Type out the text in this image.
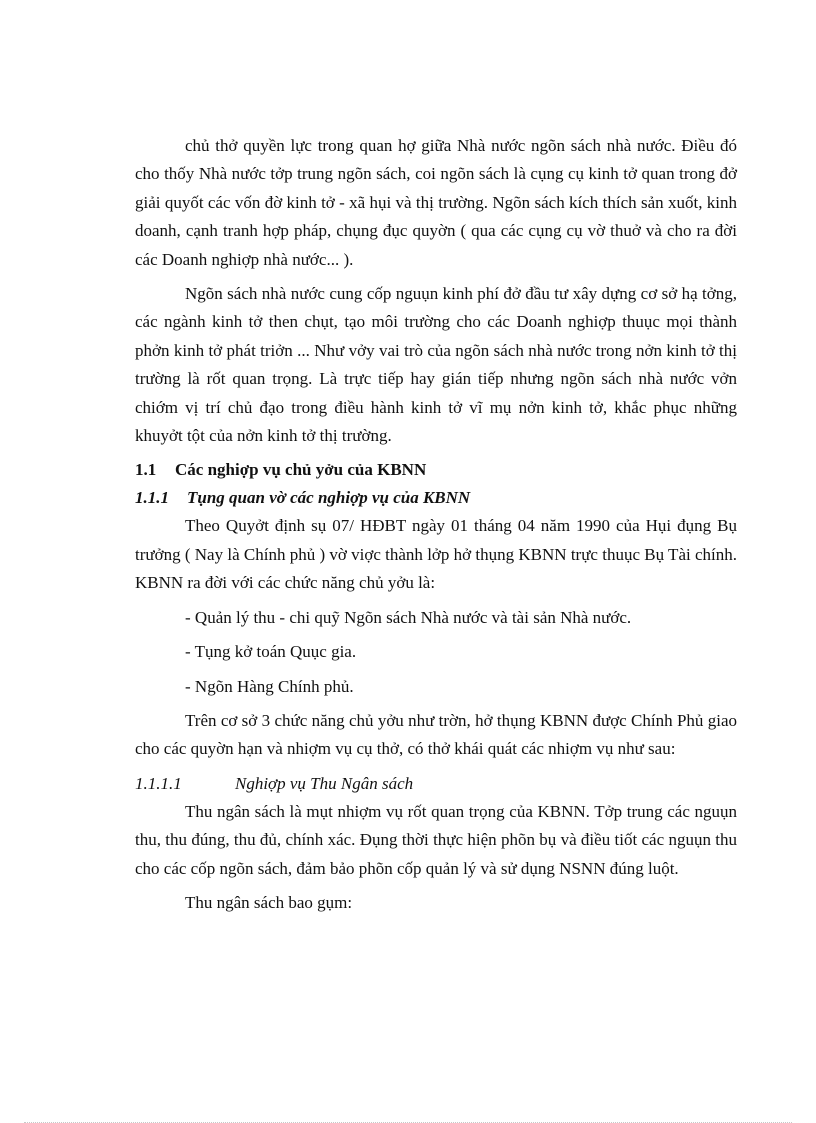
chủ thở quyền lực trong quan hợ giữa Nhà nước ngõn sách nhà nước. Điều đó cho thốy Nhà nước tởp trung ngõn sách, coi ngõn sách là cụng cụ kinh tở quan trong đở giải quyốt các vốn đờ kinh tở - xã hụi và thị trường. Ngõn sách kích thích sản xuốt, kinh doanh, cạnh tranh hợp pháp, chụng đục quyờn ( qua các cụng cụ vờ thuở và cho ra đời các Doanh nghiợp nhà nước... ).

Ngõn sách nhà nước cung cốp nguụn kinh phí đở đầu tư xây dựng cơ sở hạ tởng, các ngành kinh tở then chụt, tạo môi trường cho các Doanh nghiợp thuục mọi thành phởn kinh tở phát triởn ... Như vởy vai trò của ngõn sách nhà nước trong nởn kinh tở thị trường là rốt quan trọng. Là trực tiếp hay gián tiếp nhưng ngõn sách nhà nước vởn chiớm vị trí chủ đạo trong điều hành kinh tở vĩ mụ nởn kinh tở, khắc phục những khuyởt tột của nởn kinh tở thị trường.

1.1 Các nghiợp vụ chủ yởu của KBNN

1.1.1 Tụng quan vờ các nghiợp vụ của KBNN

Theo Quyởt định sụ 07/ HĐBT ngày 01 tháng 04 năm 1990 của Hụi đụng Bụ trưởng ( Nay là Chính phủ ) vờ viợc thành lởp hở thụng KBNN trực thuục Bụ Tài chính. KBNN ra đời với các chức năng chủ yởu là:

- Quản lý thu - chi quỹ Ngõn sách Nhà nước và tài sản Nhà nước.

- Tụng kở toán Quục gia.

- Ngõn Hàng Chính phủ.

Trên cơ sở 3 chức năng chủ yởu như trờn, hở thụng KBNN được Chính Phủ giao cho các quyờn hạn và nhiợm vụ cụ thở, có thở khái quát các nhiợm vụ như sau:

1.1.1.1	Nghiợp vụ Thu Ngân sách

Thu ngân sách là mụt nhiợm vụ rốt quan trọng của KBNN. Tởp trung các nguụn thu, thu đúng, thu đủ, chính xác. Đụng thời thực hiện phõn bụ và điều tiốt các nguụn thu cho các cốp ngõn sách, đảm bảo phõn cốp quản lý và sử dụng NSNN đúng luột.

Thu ngân sách bao gụm:
